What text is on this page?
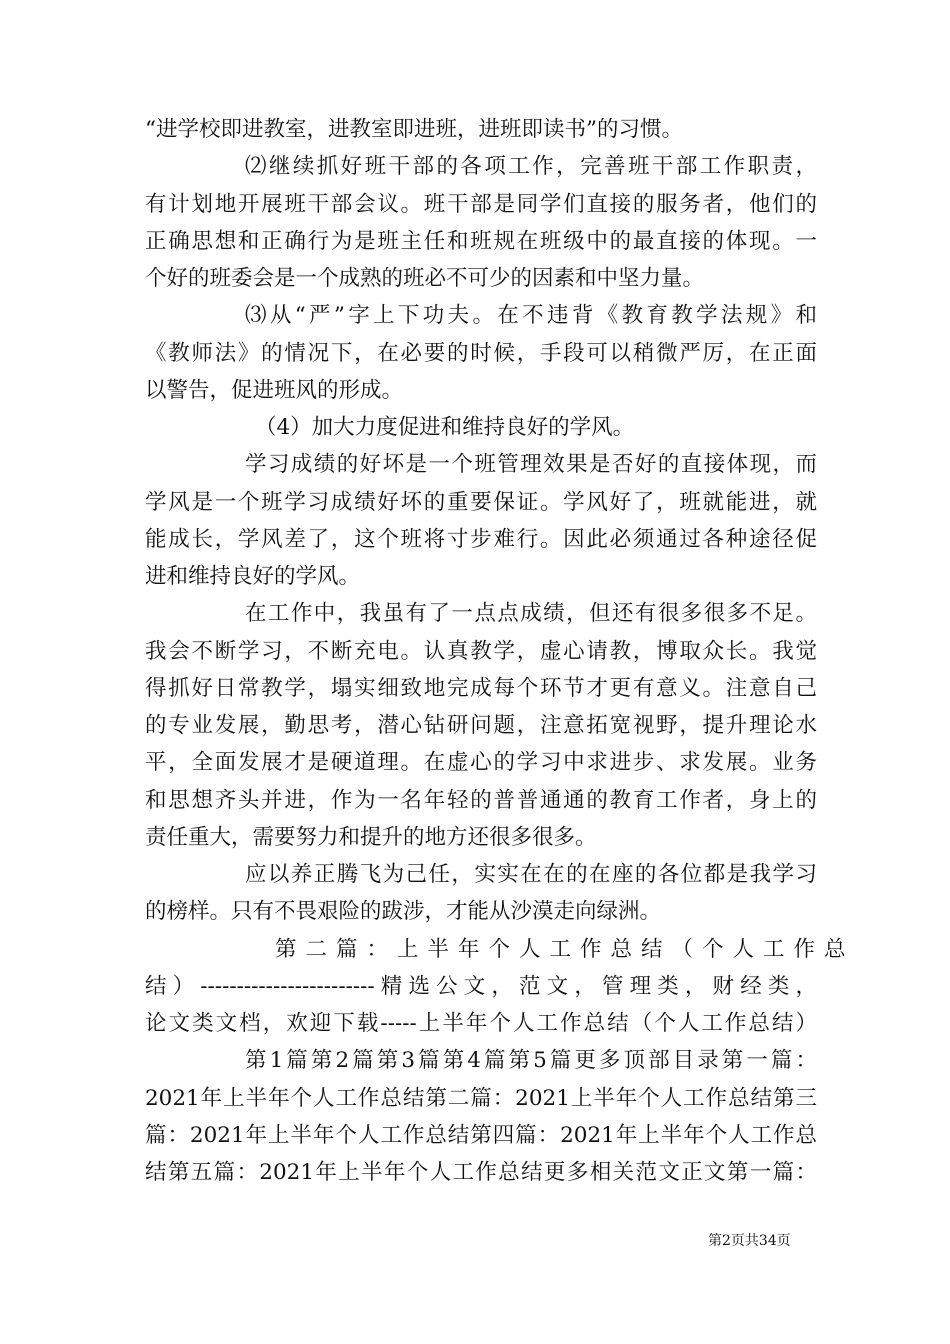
“进学校即进教室，进教室即进班，进班即读书”的习惯。
⑵继续抓好班干部的各项工作，完善班干部工作职责，
有计划地开展班干部会议。班干部是同学们直接的服务者，他们的
正确思想和正确行为是班主任和班规在班级中的最直接的体现。一
个好的班委会是一个成熟的班必不可少的因素和中坚力量。
⑶从“严”字上下功夫。在不违背《教育教学法规》和
《教师法》的情况下，在必要的时候，手段可以稍微严厉，在正面
以警告，促进班风的形成。
（4）加大力度促进和维持良好的学风。
学习成绩的好坏是一个班管理效果是否好的直接体现，而
学风是一个班学习成绩好坏的重要保证。学风好了，班就能进，就
能成长，学风差了，这个班将寸步难行。因此必须通过各种途径促
进和维持良好的学风。
在工作中，我虽有了一点点成绩，但还有很多很多不足。
我会不断学习，不断充电。认真教学，虚心请教，博取众长。我觉
得抓好日常教学，塌实细致地完成每个环节才更有意义。注意自己
的专业发展，勤思考，潜心钻研问题，注意拓宽视野，提升理论水
平，全面发展才是硬道理。在虚心的学习中求进步、求发展。业务
和思想齐头并进，作为一名年轻的普普通通的教育工作者，身上的
责任重大，需要努力和提升的地方还很多很多。
应以养正腾飞为己任，实实在在的在座的各位都是我学习
的榜样。只有不畏艰险的跋涉，才能从沙漠走向绿洲。
第二篇：上半年个人工作总结（个人工作总
结）------------------------精选公文，范文，管理类，财经类，
论文类文档，欢迎下载-----上半年个人工作总结（个人工作总结）
第1篇第2篇第3篇第4篇第5篇更多顶部目录第一篇：
2021年上半年个人工作总结第二篇：2021上半年个人工作总结第三
篇：2021年上半年个人工作总结第四篇：2021年上半年个人工作总
结第五篇：2021年上半年个人工作总结更多相关范文正文第一篇：
第2页共34页
